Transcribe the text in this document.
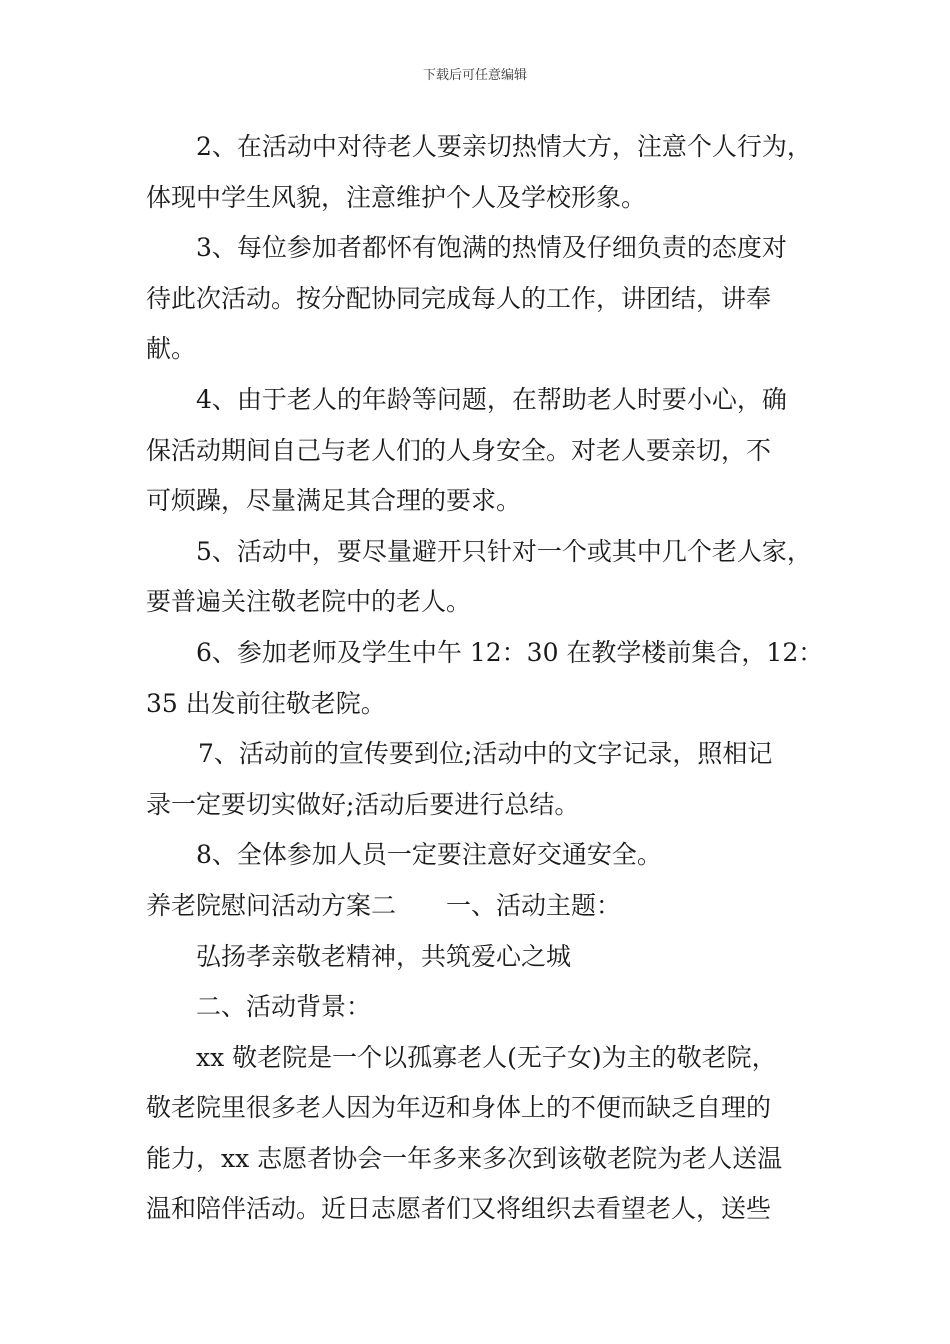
下载后可任意编辑
2、在活动中对待老人要亲切热情大方，注意个人行为，
体现中学生风貌，注意维护个人及学校形象。
3、每位参加者都怀有饱满的热情及仔细负责的态度对
待此次活动。按分配协同完成每人的工作，讲团结，讲奉
献。
4、由于老人的年龄等问题，在帮助老人时要小心，确
保活动期间自己与老人们的人身安全。对老人要亲切，不
可烦躁，尽量满足其合理的要求。
5、活动中，要尽量避开只针对一个或其中几个老人家，
要普遍关注敬老院中的老人。
6、参加老师及学生中午 12：30 在教学楼前集合，12：
35 出发前往敬老院。
7、活动前的宣传要到位;活动中的文字记录，照相记
录一定要切实做好;活动后要进行总结。
8、全体参加人员一定要注意好交通安全。
养老院慰问活动方案二 一、活动主题：
弘扬孝亲敬老精神，共筑爱心之城
二、活动背景：
xx 敬老院是一个以孤寡老人(无子女)为主的敬老院，
敬老院里很多老人因为年迈和身体上的不便而缺乏自理的
能力，xx 志愿者协会一年多来多次到该敬老院为老人送温
温和陪伴活动。近日志愿者们又将组织去看望老人，送些
